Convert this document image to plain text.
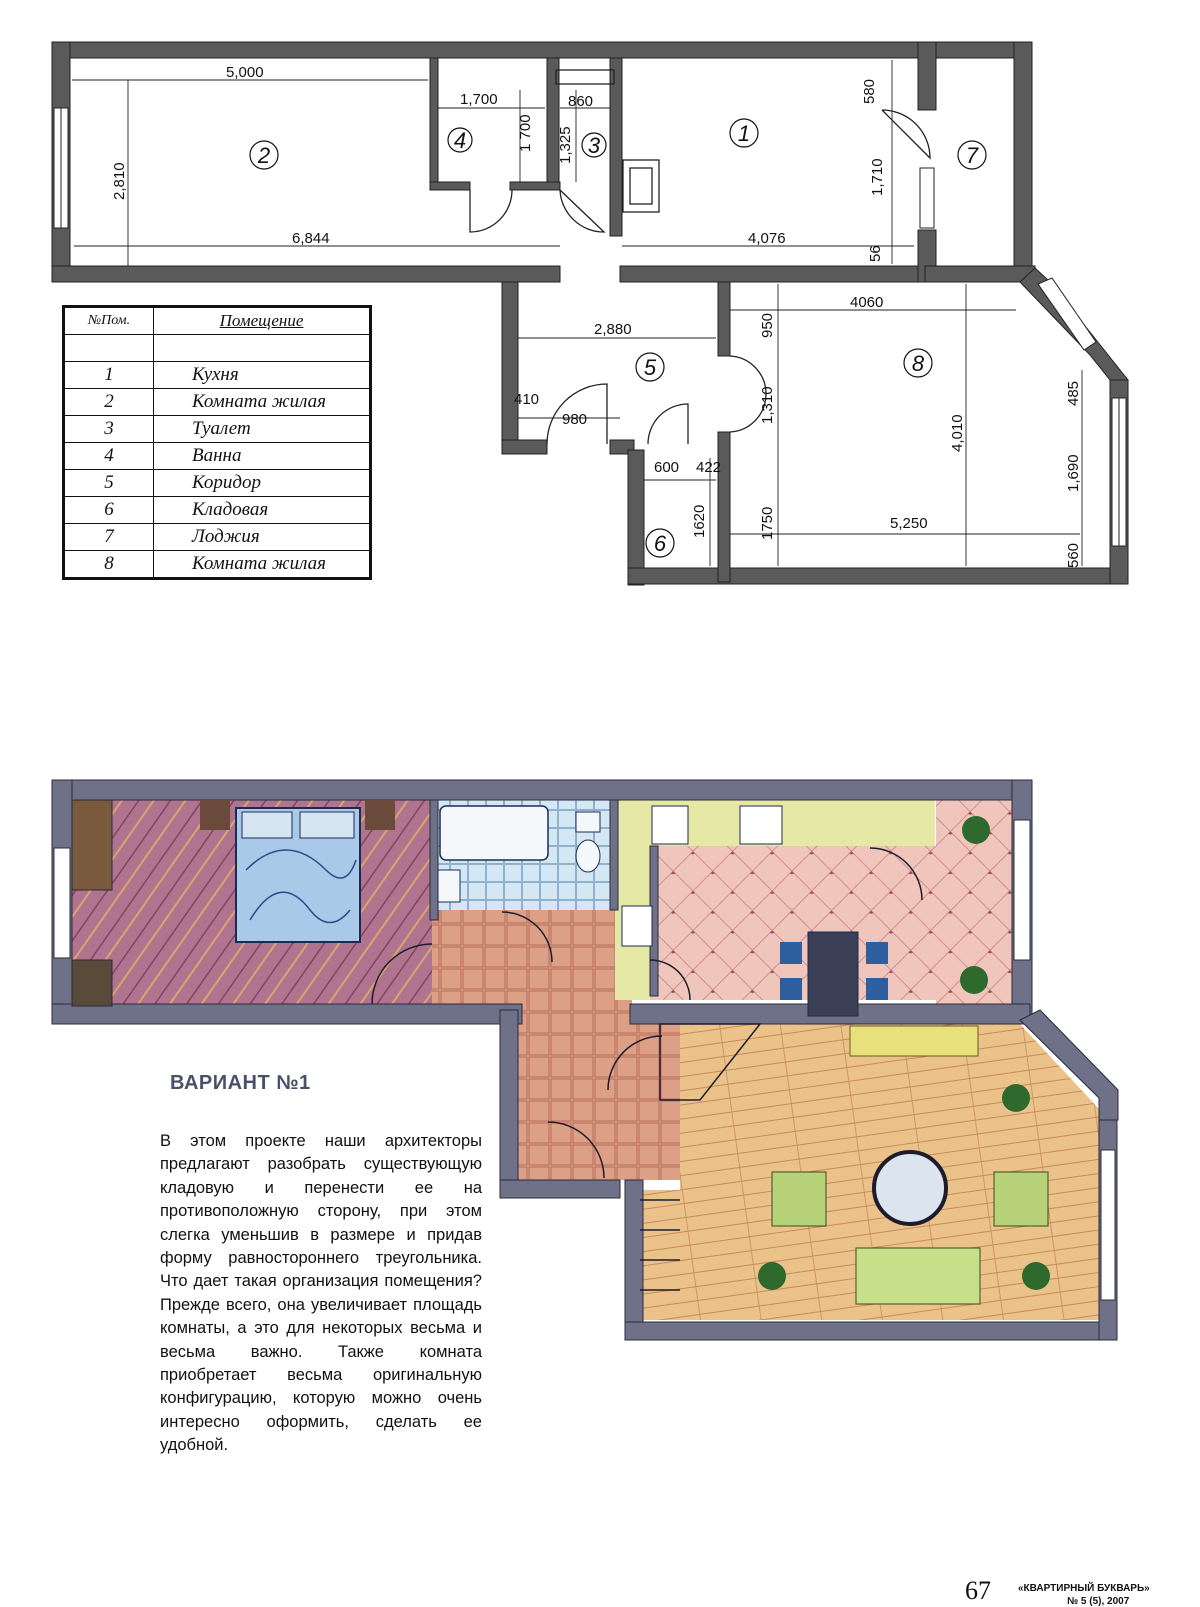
5,000
1,700	860	580
2,810
1 700 1,325
1,710
6,844	4,076
56
4060
2,880	950
410
980	1,310
4,010
485
600 422
1620	1750	5,250
1,690
560
1
2	3
4
5
6
7
8
№Пом.	Помещение

1	Кухня
2	Комната жилая
3	Туалет
4	Ванна
5	Коридор
6	Кладовая
7	Лоджия
8	Комната жилая
ВАРИАНТ №1

В этом проекте наши архитекторы предлагают разобрать существующую кладовую и перенести ее на противоположную сторону, при этом слегка уменьшив в размере и придав форму равностороннего треугольника. Что дает такая организация помещения? Прежде всего, она увеличивает площадь комнаты, а это для некоторых весьма и весьма важно. Также комната приобретает весьма оригинальную конфигурацию, которую можно очень интересно оформить, сделать ее удобной.

67	«КВАРТИРНЫЙ БУКВАРЬ»
№ 5 (5), 2007
